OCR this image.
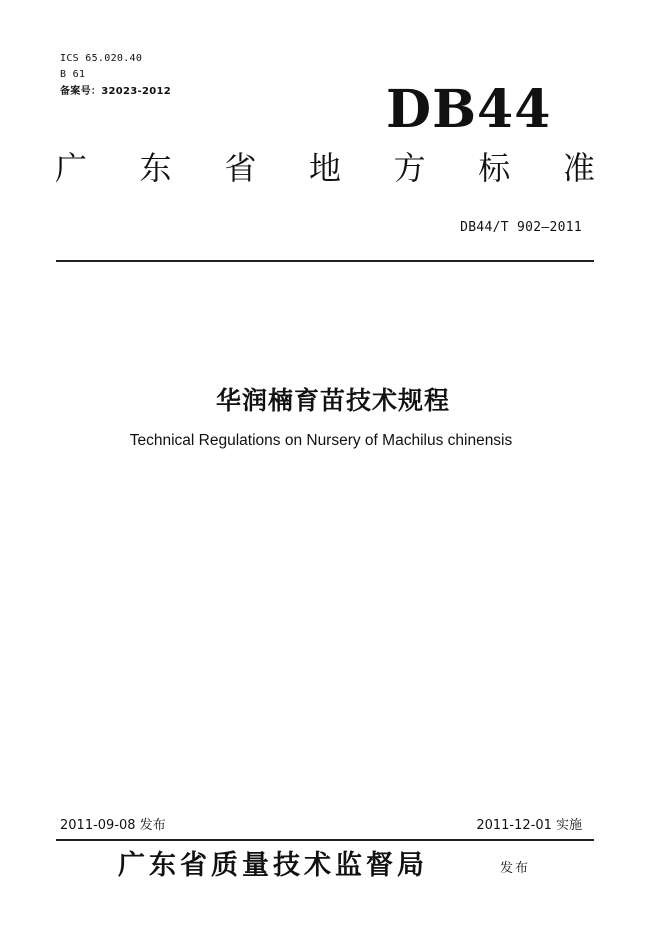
ICS 65.020.40
B 61
备案号：32023-2012	DB44
广 东 省 地 方 标 准
DB44/T 902—2011
华润楠育苗技术规程
Technical Regulations on Nursery of Machilus chinensis
2011-09-08 发布	2011-12-01 实施
广东省质量技术监督局	发布
